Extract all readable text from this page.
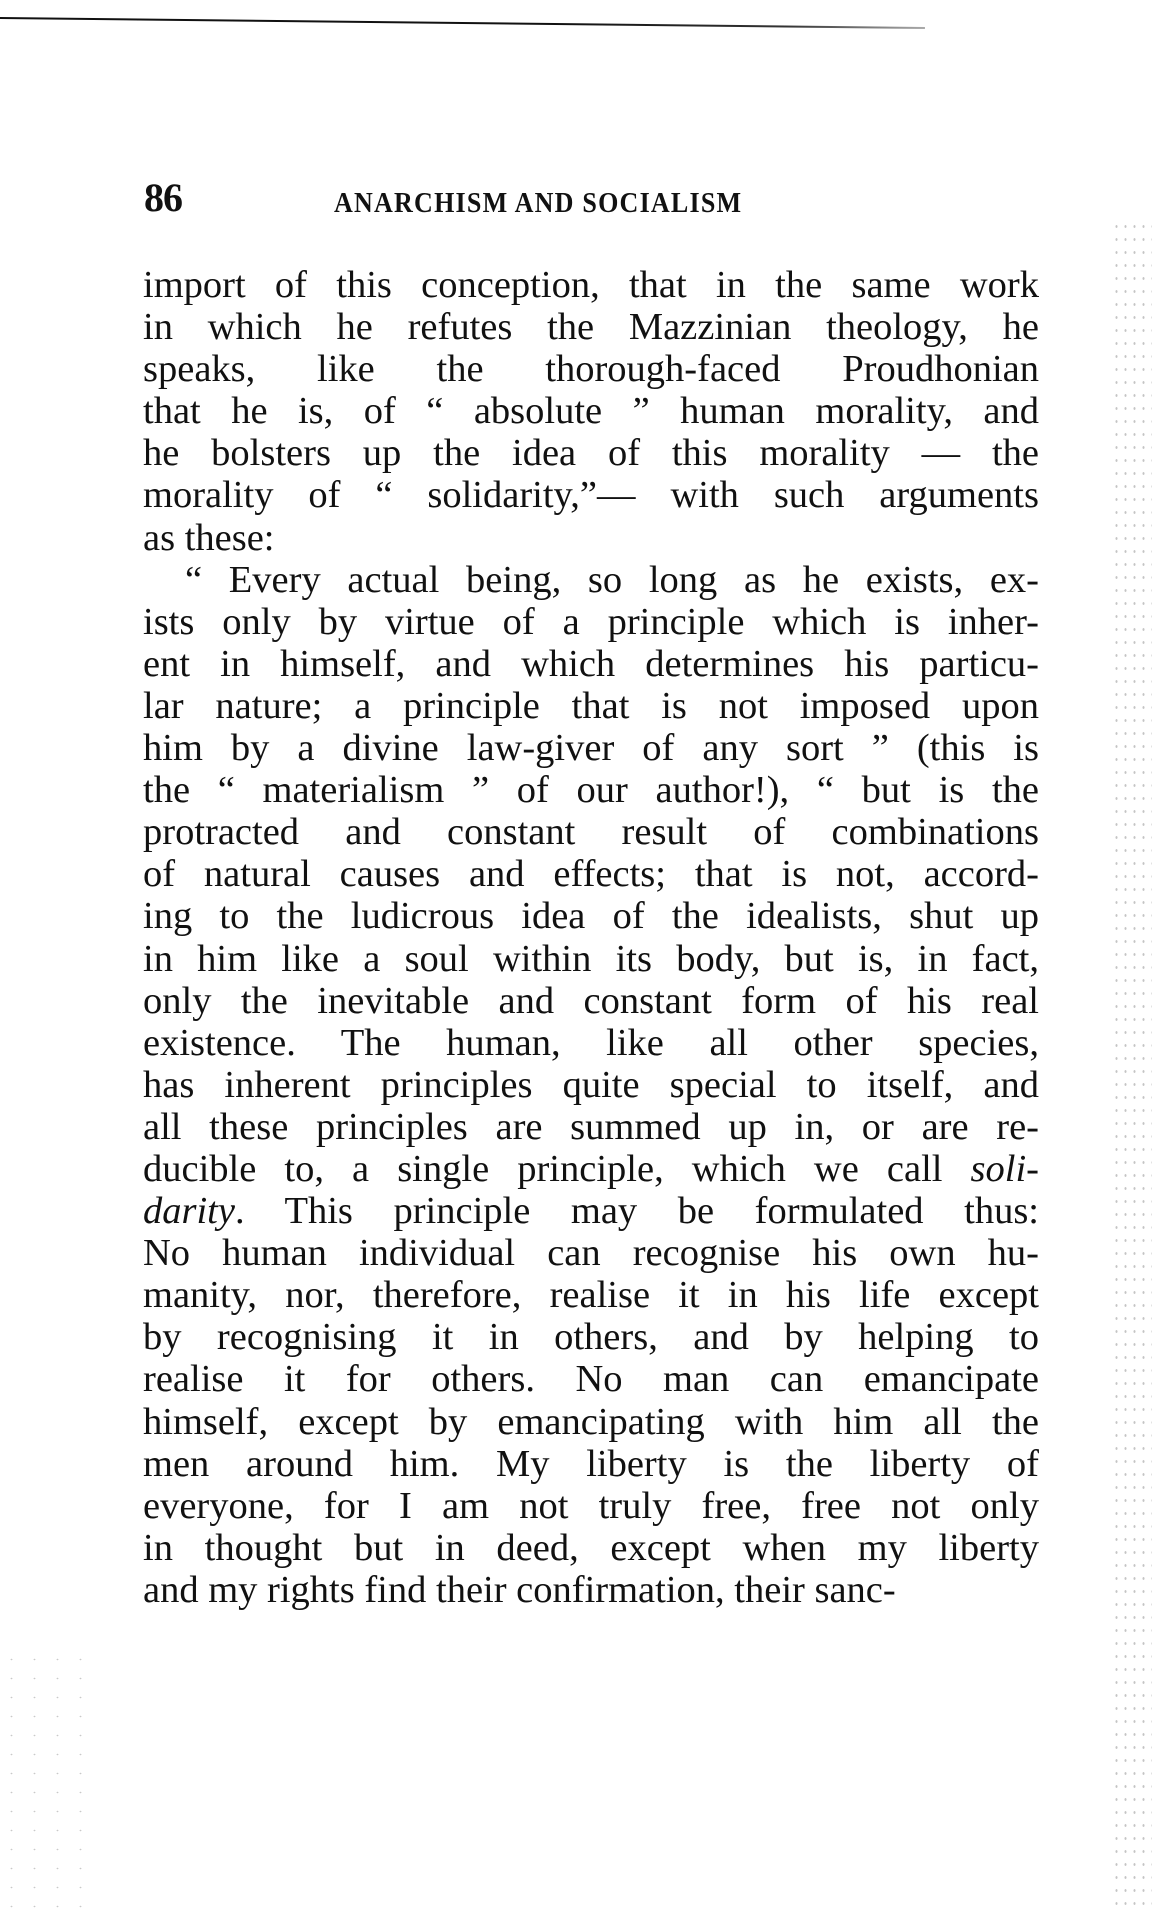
86	ANARCHISM AND SOCIALISM
import of this conception, that in the same work
in which he refutes the Mazzinian theology, he
speaks, like the thorough-faced Proudhonian
that he is, of “ absolute ” human morality, and
he bolsters up the idea of this morality — the
morality of “ solidarity,”— with such arguments
as these:
“ Every actual being, so long as he exists, ex-
ists only by virtue of a principle which is inher-
ent in himself, and which determines his particu-
lar nature; a principle that is not imposed upon
him by a divine law-giver of any sort ” (this is
the “ materialism ” of our author!), “ but is the
protracted and constant result of combinations
of natural causes and effects; that is not, accord-
ing to the ludicrous idea of the idealists, shut up
in him like a soul within its body, but is, in fact,
only the inevitable and constant form of his real
existence. The human, like all other species,
has inherent principles quite special to itself, and
all these principles are summed up in, or are re-
ducible to, a single principle, which we call soli-
darity. This principle may be formulated thus:
No human individual can recognise his own hu-
manity, nor, therefore, realise it in his life except
by recognising it in others, and by helping to
realise it for others. No man can emancipate
himself, except by emancipating with him all the
men around him. My liberty is the liberty of
everyone, for I am not truly free, free not only
in thought but in deed, except when my liberty
and my rights find their confirmation, their sanc-
